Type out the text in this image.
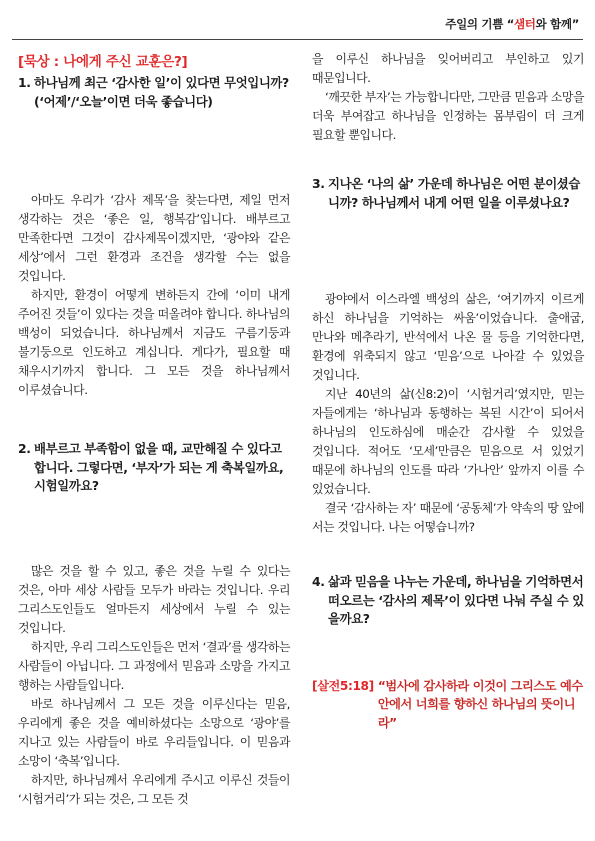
주일의 기쁨 “샘터와 함께”
[묵상 : 나에게 주신 교훈은?]
1. 하나님께 최근 ‘감사한 일’이 있다면 무엇입니까? (‘어제’/‘오늘’이면 더욱 좋습니다)

아마도 우리가 ‘감사 제목’을 찾는다면, 제일 먼저 생각하는 것은 ‘좋은 일, 행복감’입니다. 배부르고 만족한다면 그것이 감사제목이겠지만, ‘광야와 같은 세상’에서 그런 환경과 조건을 생각할 수는 없을 것입니다.

하지만, 환경이 어떻게 변하든지 간에 ‘이미 내게 주어진 것들’이 있다는 것을 떠올려야 합니다. 하나님의 백성이 되었습니다. 하나님께서 지금도 구름기둥과 불기둥으로 인도하고 계십니다. 게다가, 필요할 때 채우시기까지 합니다. 그 모든 것을 하나님께서 이루셨습니다.

2. 배부르고 부족함이 없을 때, 교만해질 수 있다고 합니다. 그렇다면, ‘부자’가 되는 게 축복일까요, 시험일까요?

많은 것을 할 수 있고, 좋은 것을 누릴 수 있다는 것은, 아마 세상 사람들 모두가 바라는 것입니다. 우리 그리스도인들도 얼마든지 세상에서 누릴 수 있는 것입니다.

하지만, 우리 그리스도인들은 먼저 ‘결과’를 생각하는 사람들이 아닙니다. 그 과정에서 믿음과 소망을 가지고 행하는 사람들입니다.

바로 하나님께서 그 모든 것을 이루신다는 믿음, 우리에게 좋은 것을 예비하셨다는 소망으로 ‘광야’를 지나고 있는 사람들이 바로 우리들입니다. 이 믿음과 소망이 ‘축복’입니다.

하지만, 하나님께서 우리에게 주시고 이루신 것들이 ‘시험거리’가 되는 것은, 그 모든 것

을 이루신 하나님을 잊어버리고 부인하고 있기 때문입니다.

‘깨끗한 부자’는 가능합니다만, 그만큼 믿음과 소망을 더욱 부여잡고 하나님을 인정하는 몸부림이 더 크게 필요할 뿐입니다.

3. 지나온 ‘나의 삶’ 가운데 하나님은 어떤 분이셨습니까? 하나님께서 내게 어떤 일을 이루셨나요?

광야에서 이스라엘 백성의 삶은, ‘여기까지 이르게 하신 하나님을 기억하는 싸움’이었습니다. 출애굽, 만나와 메추라기, 반석에서 나온 물 등을 기억한다면, 환경에 위축되지 않고 ‘믿음’으로 나아갈 수 있었을 것입니다.

지난 40년의 삶(신8:2)이 ‘시험거리’였지만, 믿는 자들에게는 ‘하나님과 동행하는 복된 시간’이 되어서 하나님의 인도하심에 매순간 감사할 수 있었을 것입니다. 적어도 ‘모세’만큼은 믿음으로 서 있었기 때문에 하나님의 인도를 따라 ‘가나안’ 앞까지 이를 수 있었습니다.

결국 ‘감사하는 자’ 때문에 ‘공동체’가 약속의 땅 앞에 서는 것입니다. 나는 어떻습니까?

4. 삶과 믿음을 나누는 가운데, 하나님을 기억하면서 떠오르는 ‘감사의 제목’이 있다면 나눠 주실 수 있을까요?
[살전5:18] “범사에 감사하라 이것이 그리스도 예수 안에서 너희를 향하신 하나님의 뜻이니라”
